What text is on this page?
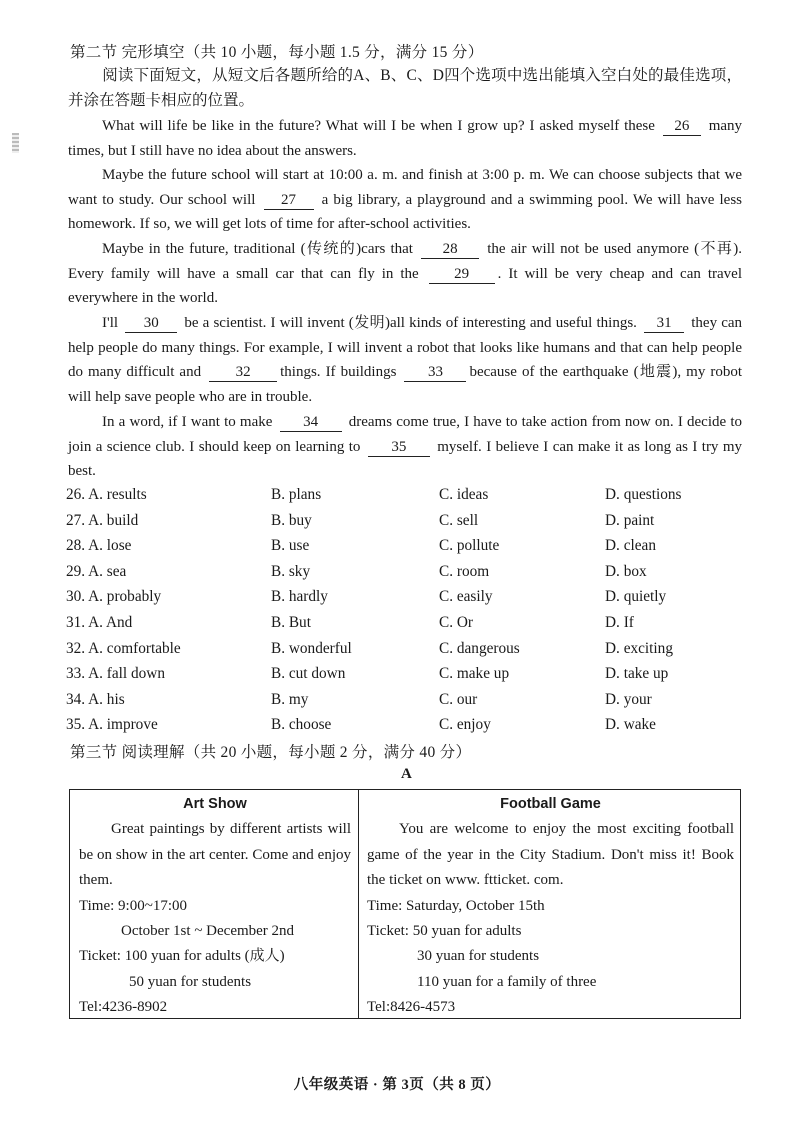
第二节 完形填空（共 10 小题，每小题 1.5 分，满分 15 分）
阅读下面短文，从短文后各题所给的A、B、C、D四个选项中选出能填入空白处的最佳选项，并涂在答题卡相应的位置。
What will life be like in the future? What will I be when I grow up? I asked myself these 26 many times, but I still have no idea about the answers.
Maybe the future school will start at 10:00 a. m. and finish at 3:00 p. m. We can choose subjects that we want to study. Our school will 27 a big library, a playground and a swimming pool. We will have less homework. If so, we will get lots of time for after-school activities.
Maybe in the future, traditional (传统的)cars that 28 the air will not be used anymore (不再). Every family will have a small car that can fly in the 29 . It will be very cheap and can travel everywhere in the world.
I'll 30 be a scientist. I will invent (发明)all kinds of interesting and useful things. 31 they can help people do many things. For example, I will invent a robot that looks like humans and that can help people do many difficult and 32 things. If buildings 33 because of the earthquake (地震), my robot will help save people who are in trouble.
In a word, if I want to make 34 dreams come true, I have to take action from now on. I decide to join a science club. I should keep on learning to 35 myself. I believe I can make it as long as I try my best.
26. A. results	B. plans	C. ideas	D. questions
27. A. build	B. buy	C. sell	D. paint
28. A. lose	B. use	C. pollute	D. clean
29. A. sea	B. sky	C. room	D. box
30. A. probably	B. hardly	C. easily	D. quietly
31. A. And	B. But	C. Or	D. If
32. A. comfortable	B. wonderful	C. dangerous	D. exciting
33. A. fall down	B. cut down	C. make up	D. take up
34. A. his	B. my	C. our	D. your
35. A. improve	B. choose	C. enjoy	D. wake
第三节 阅读理解（共 20 小题，每小题 2 分，满分 40 分）
A
Art Show
Great paintings by different artists will be on show in the art center. Come and enjoy them.
Time: 9:00~17:00
October 1st ~ December 2nd
Ticket: 100 yuan for adults (成人)
50 yuan for students
Tel:4236-8902
Football Game
You are welcome to enjoy the most exciting football game of the year in the City Stadium. Don't miss it! Book the ticket on www. ftticket. com.
Time: Saturday, October 15th
Ticket: 50 yuan for adults
30 yuan for students
110 yuan for a family of three
Tel:8426-4573
八年级英语 · 第 3页（共 8 页）
